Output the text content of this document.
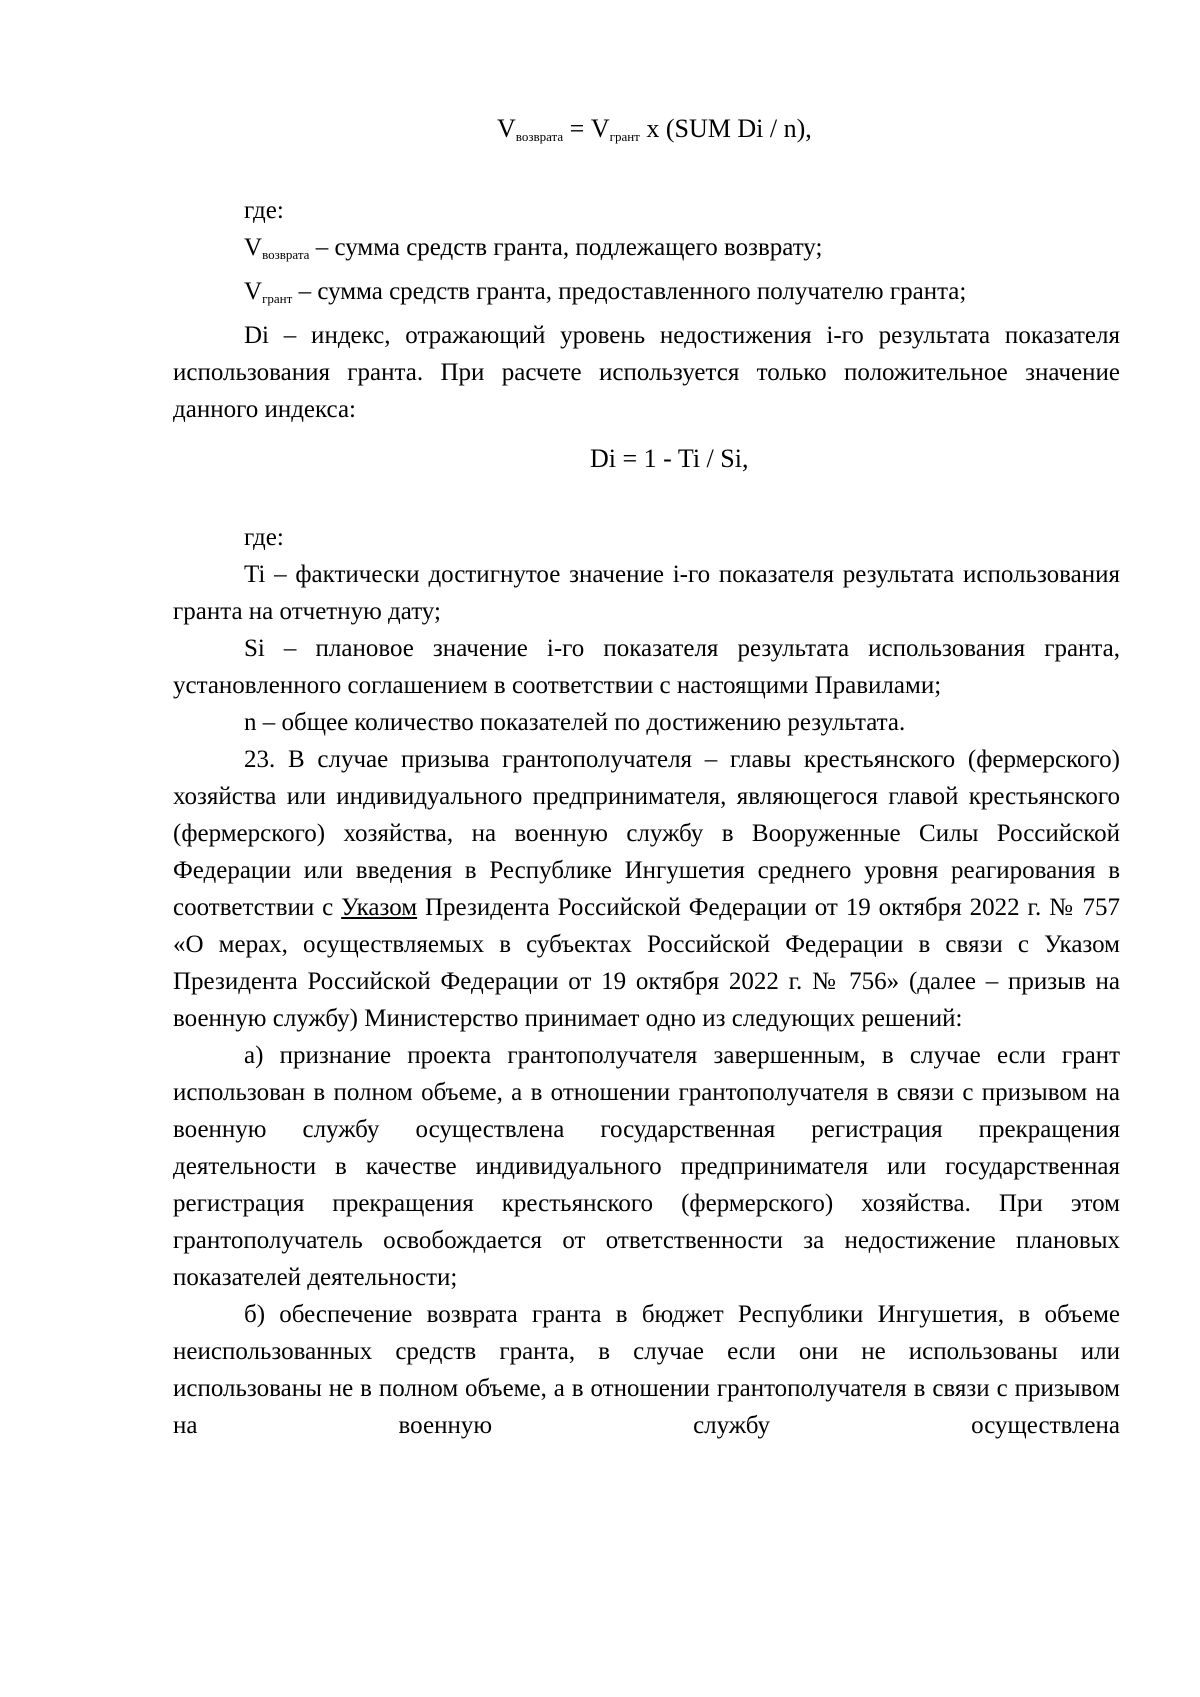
$V_{возврата} = V_{грант}$ x (SUM Di / n),

где:

$V_{возврата}$ – сумма средств гранта, подлежащего возврату;

$V_{грант}$ – сумма средств гранта, предоставленного получателю гранта;

Di – индекс, отражающий уровень недостижения i-го результата показателя использования гранта. При расчете используется только положительное значение данного индекса:

Di = 1 - Ti / Si,

где:

Ti – фактически достигнутое значение i-го показателя результата использования гранта на отчетную дату;

Si – плановое значение i-го показателя результата использования гранта, установленного соглашением в соответствии с настоящими Правилами;

n – общее количество показателей по достижению результата.

23. В случае призыва грантополучателя – главы крестьянского (фермерского) хозяйства или индивидуального предпринимателя, являющегося главой крестьянского (фермерского) хозяйства, на военную службу в Вооруженные Силы Российской Федерации или введения в Республике Ингушетия среднего уровня реагирования в соответствии с Указом Президента Российской Федерации от 19 октября 2022 г. № 757 «О мерах, осуществляемых в субъектах Российской Федерации в связи с Указом Президента Российской Федерации от 19 октября 2022 г. № 756» (далее – призыв на военную службу) Министерство принимает одно из следующих решений:

а) признание проекта грантополучателя завершенным, в случае если грант использован в полном объеме, а в отношении грантополучателя в связи с призывом на военную службу осуществлена государственная регистрация прекращения деятельности в качестве индивидуального предпринимателя или государственная регистрация прекращения крестьянского (фермерского) хозяйства. При этом грантополучатель освобождается от ответственности за недостижение плановых показателей деятельности;

б) обеспечение возврата гранта в бюджет Республики Ингушетия, в объеме неиспользованных средств гранта, в случае если они не использованы или использованы не в полном объеме, а в отношении грантополучателя в связи с призывом на военную службу осуществлена
